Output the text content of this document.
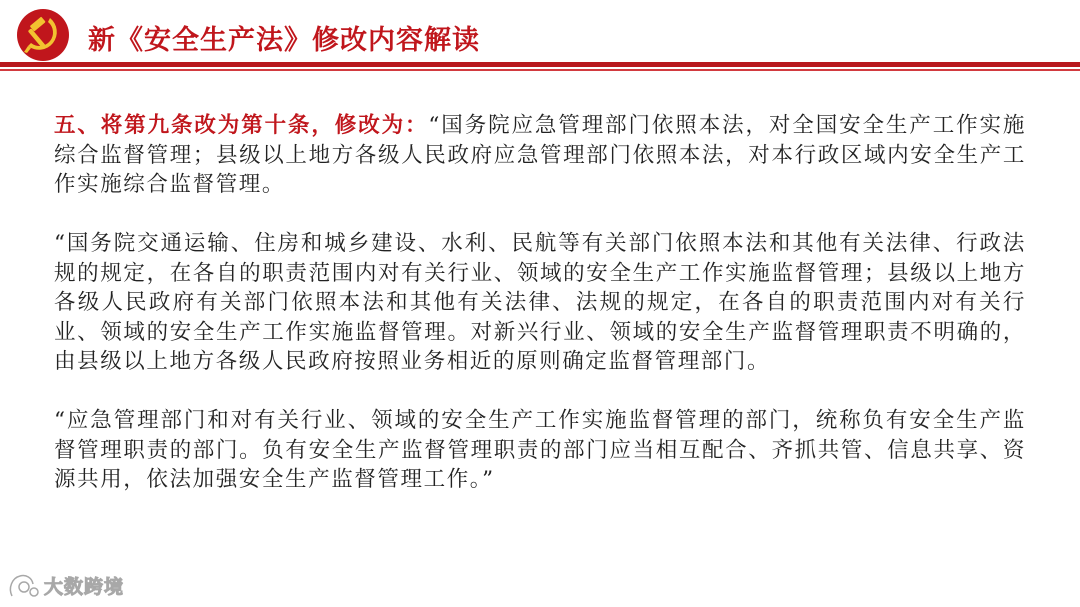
新《安全生产法》修改内容解读

五、将第九条改为第十条，修改为：“国务院应急管理部门依照本法，对全国安全生产工作实施综合监督管理；县级以上地方各级人民政府应急管理部门依照本法，对本行政区域内安全生产工作实施综合监督管理。

“国务院交通运输、住房和城乡建设、水利、民航等有关部门依照本法和其他有关法律、行政法规的规定，在各自的职责范围内对有关行业、领域的安全生产工作实施监督管理；县级以上地方各级人民政府有关部门依照本法和其他有关法律、法规的规定，在各自的职责范围内对有关行业、领域的安全生产工作实施监督管理。对新兴行业、领域的安全生产监督管理职责不明确的，由县级以上地方各级人民政府按照业务相近的原则确定监督管理部门。

“应急管理部门和对有关行业、领域的安全生产工作实施监督管理的部门，统称负有安全生产监督管理职责的部门。负有安全生产监督管理职责的部门应当相互配合、齐抓共管、信息共享、资源共用，依法加强安全生产监督管理工作。”

大数跨境
